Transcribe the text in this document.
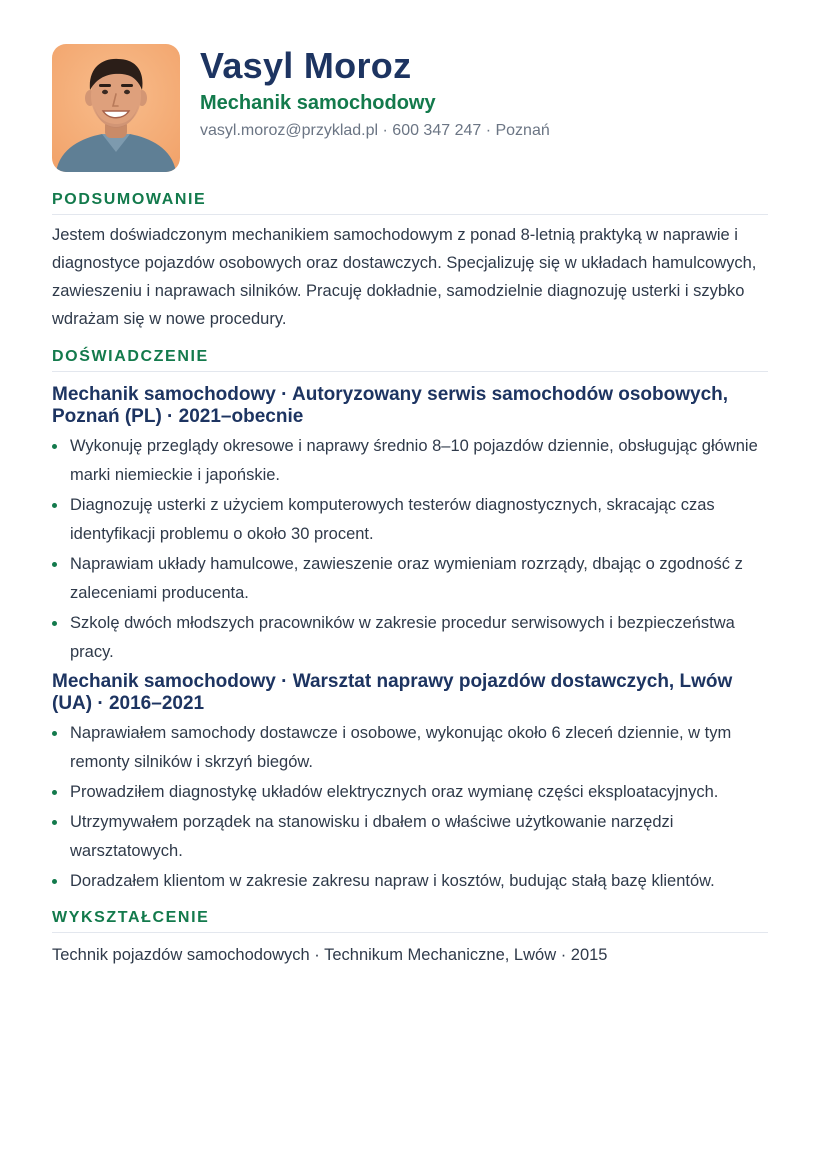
Vasyl Moroz
Mechanik samochodowy
vasyl.moroz@przyklad.pl · 600 347 247 · Poznań
PODSUMOWANIE
Jestem doświadczonym mechanikiem samochodowym z ponad 8-letnią praktyką w naprawie i diagnostyce pojazdów osobowych oraz dostawczych. Specjalizuję się w układach hamulcowych, zawieszeniu i naprawach silników. Pracuję dokładnie, samodzielnie diagnozuję usterki i szybko wdrażam się w nowe procedury.
DOŚWIADCZENIE
Mechanik samochodowy · Autoryzowany serwis samochodów osobowych, Poznań (PL) · 2021–obecnie
Wykonuję przeglądy okresowe i naprawy średnio 8–10 pojazdów dziennie, obsługując głównie marki niemieckie i japońskie.
Diagnozuję usterki z użyciem komputerowych testerów diagnostycznych, skracając czas identyfikacji problemu o około 30 procent.
Naprawiam układy hamulcowe, zawieszenie oraz wymieniam rozrządy, dbając o zgodność z zaleceniami producenta.
Szkolę dwóch młodszych pracowników w zakresie procedur serwisowych i bezpieczeństwa pracy.
Mechanik samochodowy · Warsztat naprawy pojazdów dostawczych, Lwów (UA) · 2016–2021
Naprawiałem samochody dostawcze i osobowe, wykonując około 6 zleceń dziennie, w tym remonty silników i skrzyń biegów.
Prowadziłem diagnostykę układów elektrycznych oraz wymianę części eksploatacyjnych.
Utrzymywałem porządek na stanowisku i dbałem o właściwe użytkowanie narzędzi warsztatowych.
Doradzałem klientom w zakresie zakresu napraw i kosztów, budując stałą bazę klientów.
WYKSZTAŁCENIE
Technik pojazdów samochodowych · Technikum Mechaniczne, Lwów · 2015
